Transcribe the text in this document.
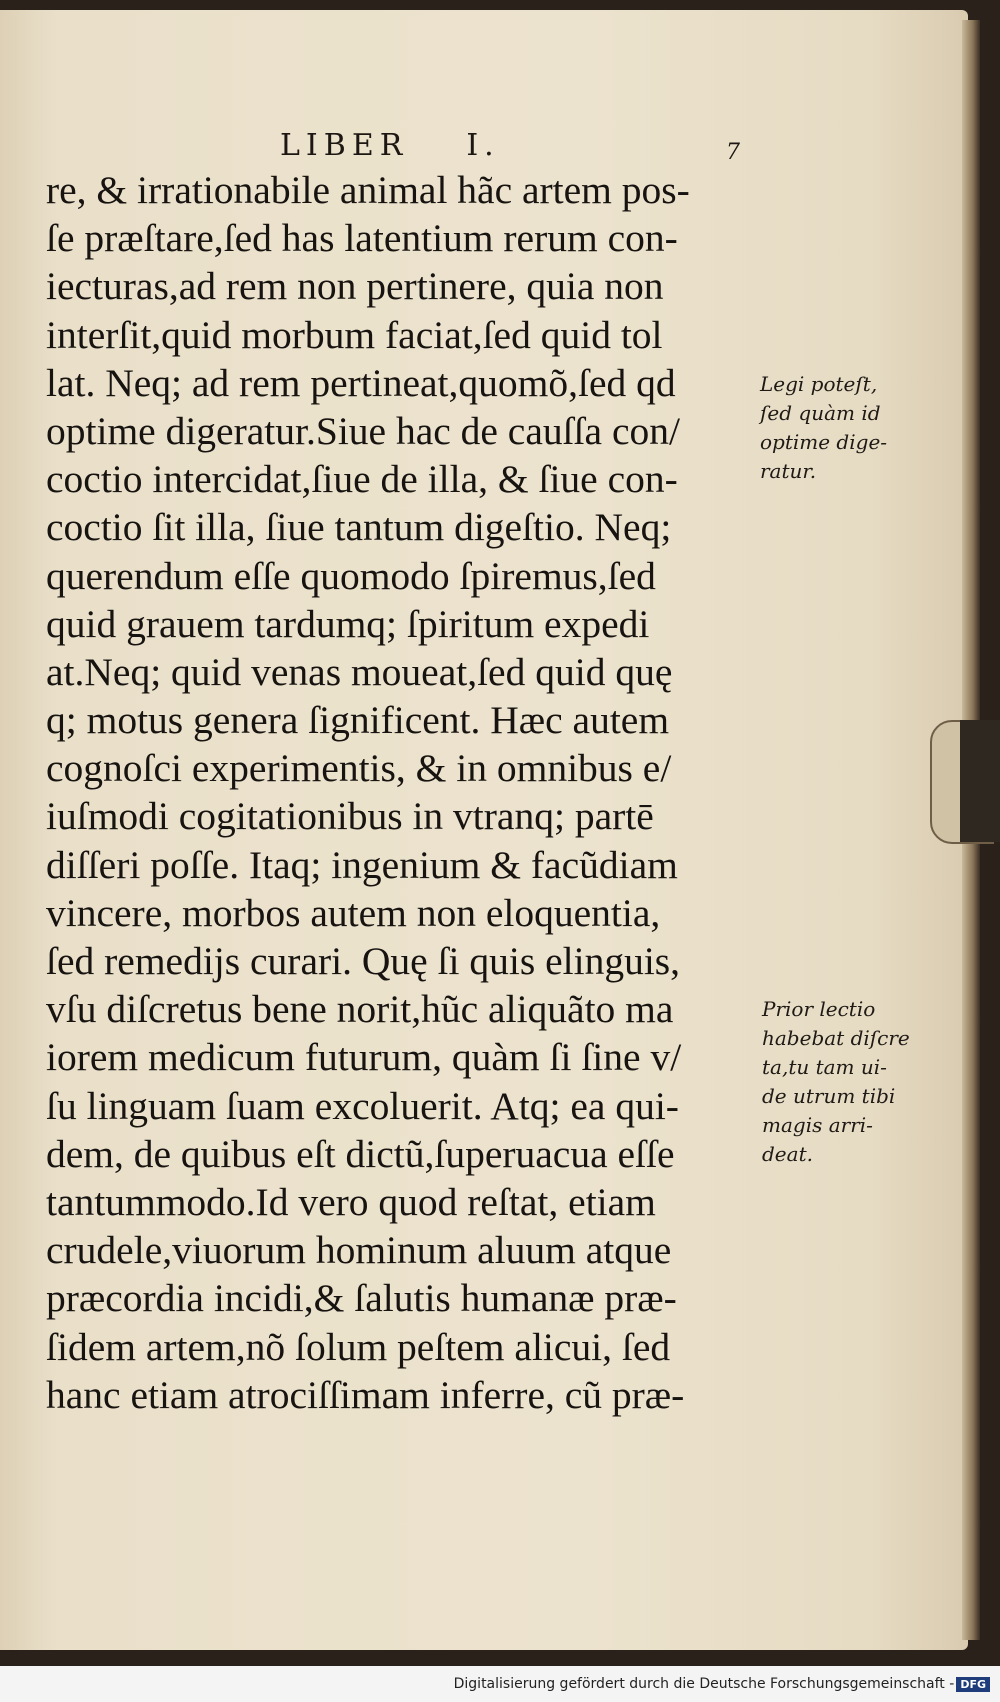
LIBER I.	7
re, & irrationabile animal hãc artem pos-
ſe præſtare,ſed has latentium rerum con-
iecturas,ad rem non pertinere, quia non
interſit,quid morbum faciat,ſed quid tol
lat. Neq; ad rem pertineat,quomõ,ſed qd
optime digeratur.Siue hac de cauſſa con/
coctio intercidat,ſiue de illa, & ſiue con-
coctio ſit illa, ſiue tantum digeſtio. Neq;
querendum eſſe quomodo ſpiremus,ſed
quid grauem tardumq; ſpiritum expedi
at.Neq; quid venas moueat,ſed quid quę
q; motus genera ſignificent. Hæc autem
cognoſci experimentis, & in omnibus e/
iuſmodi cogitationibus in vtranq; partē
diſſeri poſſe. Itaq; ingenium & facũdiam
vincere, morbos autem non eloquentia,
ſed remedijs curari. Quę ſi quis elinguis,
vſu diſcretus bene norit,hũc aliquãto ma
iorem medicum futurum, quàm ſi ſine v/
ſu linguam ſuam excoluerit. Atq; ea qui-
dem, de quibus eſt dictũ,ſuperuacua eſſe
tantummodo.Id vero quod reſtat, etiam
crudele,viuorum hominum aluum atque
præcordia incidi,& ſalutis humanæ præ-
ſidem artem,nõ ſolum peſtem alicui, ſed
hanc etiam atrociſſimam inferre, cũ præ-
Legi poteſt,
ſed quàm id
optime dige-
ratur.
Prior lectio
habebat diſcre
ta,tu tam ui-
de utrum tibi
magis arri-
deat.
Digitalisierung gefördert durch die Deutsche Forschungsgemeinschaft - DFG
